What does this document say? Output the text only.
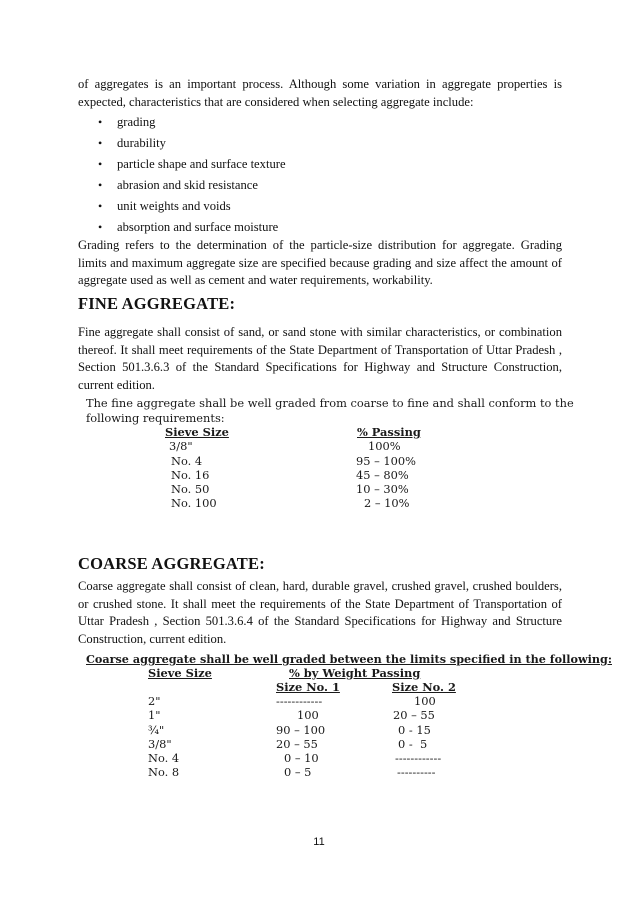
of aggregates is an important process. Although some variation in aggregate properties is expected, characteristics that are considered when selecting aggregate include:

• grading
• durability
• particle shape and surface texture
• abrasion and skid resistance
• unit weights and voids
• absorption and surface moisture

Grading refers to the determination of the particle-size distribution for aggregate. Grading limits and maximum aggregate size are specified because grading and size affect the amount of aggregate used as well as cement and water requirements, workability.

FINE AGGREGATE:

Fine aggregate shall consist of sand, or sand stone with similar characteristics, or combination thereof. It shall meet requirements of the State Department of Transportation of Uttar Pradesh , Section 501.3.6.3 of the Standard Specifications for Highway and Structure Construction, current edition.

The fine aggregate shall be well graded from coarse to fine and shall conform to the
following requirements:
Sieve Size	% Passing
3/8"	100%
No. 4	95 – 100%
No. 16	45 – 80%
No. 50	10 – 30%
No. 100	2 – 10%
COARSE AGGREGATE:

Coarse aggregate shall consist of clean, hard, durable gravel, crushed gravel, crushed boulders, or crushed stone. It shall meet the requirements of the State Department of Transportation of Uttar Pradesh , Section 501.3.6.4 of the Standard Specifications for Highway and Structure Construction, current edition.

Coarse aggregate shall be well graded between the limits specified in the following:
Sieve Size	% by Weight Passing
Size No. 1	Size No. 2
2"	------------	100
1"	100	20 – 55
¾"	90 – 100	0 - 15
3/8"	20 – 55	0 -  5
No. 4	0 – 10	------------
No. 8	0 – 5	----------
11
